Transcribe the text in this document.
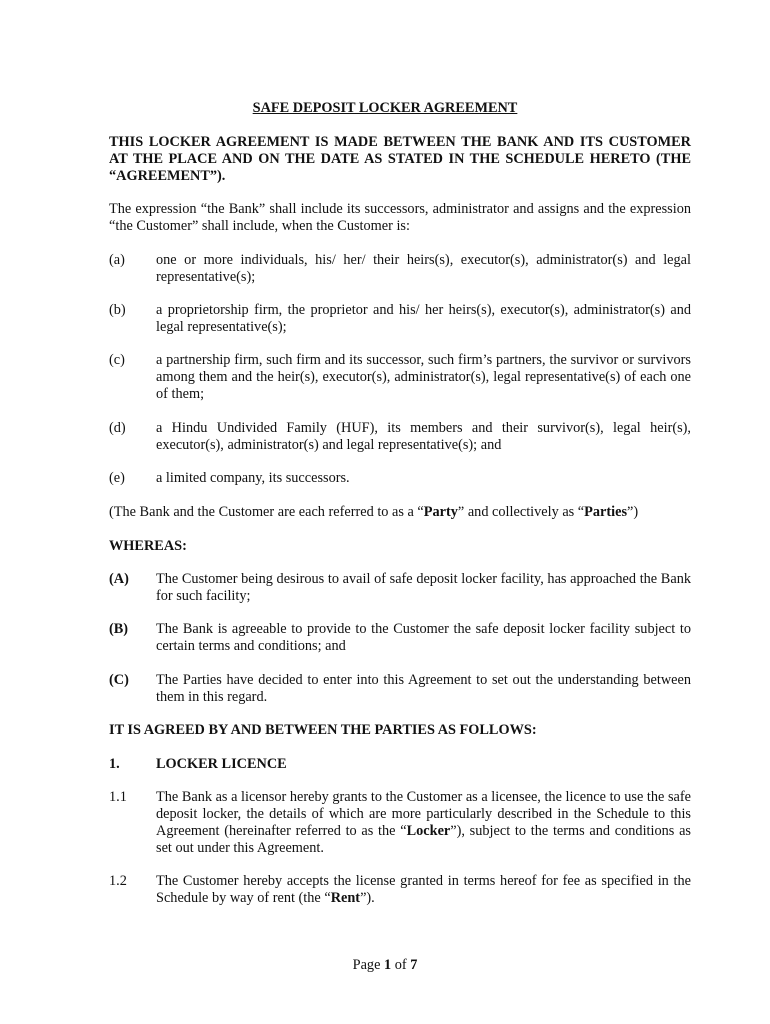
SAFE DEPOSIT LOCKER AGREEMENT

THIS LOCKER AGREEMENT IS MADE BETWEEN THE BANK AND ITS CUSTOMER AT THE PLACE AND ON THE DATE AS STATED IN THE SCHEDULE HERETO (THE “AGREEMENT”).

The expression “the Bank” shall include its successors, administrator and assigns and the expression “the Customer” shall include, when the Customer is:

(a) one or more individuals, his/ her/ their heirs(s), executor(s), administrator(s) and legal representative(s);
(b) a proprietorship firm, the proprietor and his/ her heirs(s), executor(s), administrator(s) and legal representative(s);
(c) a partnership firm, such firm and its successor, such firm’s partners, the survivor or survivors among them and the heir(s), executor(s), administrator(s), legal representative(s) of each one of them;
(d) a Hindu Undivided Family (HUF), its members and their survivor(s), legal heir(s), executor(s), administrator(s) and legal representative(s); and
(e) a limited company, its successors.

(The Bank and the Customer are each referred to as a “Party” and collectively as “Parties”)

WHEREAS:

(A) The Customer being desirous to avail of safe deposit locker facility, has approached the Bank for such facility;
(B) The Bank is agreeable to provide to the Customer the safe deposit locker facility subject to certain terms and conditions; and
(C) The Parties have decided to enter into this Agreement to set out the understanding between them in this regard.

IT IS AGREED BY AND BETWEEN THE PARTIES AS FOLLOWS:

1.	LOCKER LICENCE
1.1 The Bank as a licensor hereby grants to the Customer as a licensee, the licence to use the safe deposit locker, the details of which are more particularly described in the Schedule to this Agreement (hereinafter referred to as the “Locker”), subject to the terms and conditions as set out under this Agreement.
1.2 The Customer hereby accepts the license granted in terms hereof for fee as specified in the Schedule by way of rent (the “Rent”).
Page 1 of 7
